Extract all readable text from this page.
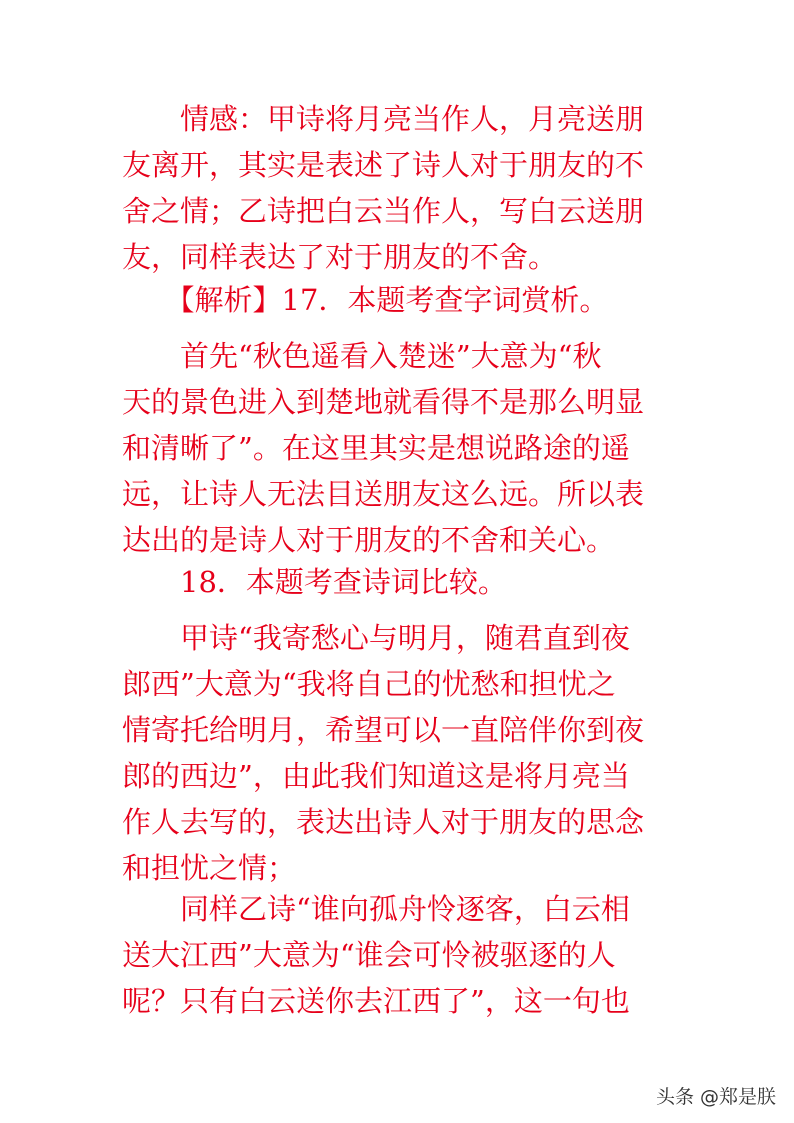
　　情感：甲诗将月亮当作人，月亮送朋
友离开，其实是表述了诗人对于朋友的不
舍之情；乙诗把白云当作人，写白云送朋
友，同样表达了对于朋友的不舍。
　　【解析】17．本题考查字词赏析。
　　首先“秋色遥看入楚迷”大意为“秋
天的景色进入到楚地就看得不是那么明显
和清晰了”。在这里其实是想说路途的遥
远，让诗人无法目送朋友这么远。所以表
达出的是诗人对于朋友的不舍和关心。
　　18．本题考查诗词比较。
　　甲诗“我寄愁心与明月，随君直到夜
郎西”大意为“我将自己的忧愁和担忧之
情寄托给明月，希望可以一直陪伴你到夜
郎的西边”，由此我们知道这是将月亮当
作人去写的，表达出诗人对于朋友的思念
和担忧之情；
　　同样乙诗“谁向孤舟怜逐客，白云相
送大江西”大意为“谁会可怜被驱逐的人
呢？只有白云送你去江西了”，这一句也
头条 @郑是朕
